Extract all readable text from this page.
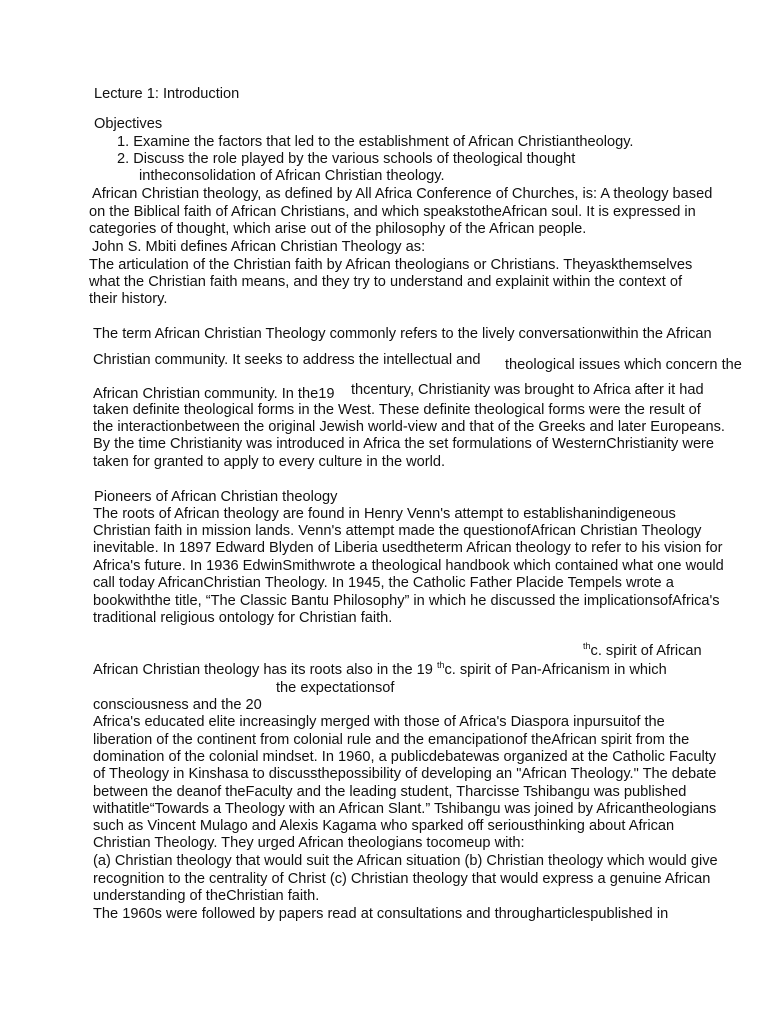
Lecture 1: Introduction
Objectives
1. Examine the factors that led to the establishment of African Christiantheology.
2. Discuss the role played by the various schools of theological thought
intheconsolidation of African Christian theology.
African Christian theology, as defined by All Africa Conference of Churches, is: A theology based
on the Biblical faith of African Christians, and which speakstotheAfrican soul. It is expressed in
categories of thought, which arise out of the philosophy of the African people.
John S. Mbiti defines African Christian Theology as:
The articulation of the Christian faith by African theologians or Christians. Theyaskthemselves
what the Christian faith means, and they try to understand and explainit within the context of
their history.
The term African Christian Theology commonly refers to the lively conversationwithin the African
Christian community. It seeks to address the intellectual and theological issues which concern the
African Christian community. In the19 thcentury, Christianity was brought to Africa after it had
taken definite theological forms in the West. These definite theological forms were the result of
the interactionbetween the original Jewish world-view and that of the Greeks and later Europeans.
By the time Christianity was introduced in Africa the set formulations of WesternChristianity were
taken for granted to apply to every culture in the world.
Pioneers of African Christian theology
The roots of African theology are found in Henry Venn's attempt to establishanindigeneous
Christian faith in mission lands. Venn's attempt made the questionofAfrican Christian Theology
inevitable. In 1897 Edward Blyden of Liberia usedtheterm African theology to refer to his vision for
Africa's future. In 1936 EdwinSmithwrote a theological handbook which contained what one would
call today AfricanChristian Theology. In 1945, the Catholic Father Placide Tempels wrote a
bookwiththe title, “The Classic Bantu Philosophy” in which he discussed the implicationsofAfrica's
traditional religious ontology for Christian faith.
$^{th}$c. spirit of African
African Christian theology has its roots also in the 19 $^{th}$c. spirit of Pan-Africanism in which
the expectationsof
consciousness and the 20
Africa's educated elite increasingly merged with those of Africa's Diaspora inpursuitof the
liberation of the continent from colonial rule and the emancipationof theAfrican spirit from the
domination of the colonial mindset. In 1960, a publicdebatewas organized at the Catholic Faculty
of Theology in Kinshasa to discussthepossibility of developing an "African Theology." The debate
between the deanof theFaculty and the leading student, Tharcisse Tshibangu was published
withatitle“Towards a Theology with an African Slant.” Tshibangu was joined by Africantheologians
such as Vincent Mulago and Alexis Kagama who sparked off seriousthinking about African
Christian Theology. They urged African theologians tocomeup with:
(a) Christian theology that would suit the African situation (b) Christian theology which would give
recognition to the centrality of Christ (c) Christian theology that would express a genuine African
understanding of theChristian faith.
The 1960s were followed by papers read at consultations and througharticlespublished in
